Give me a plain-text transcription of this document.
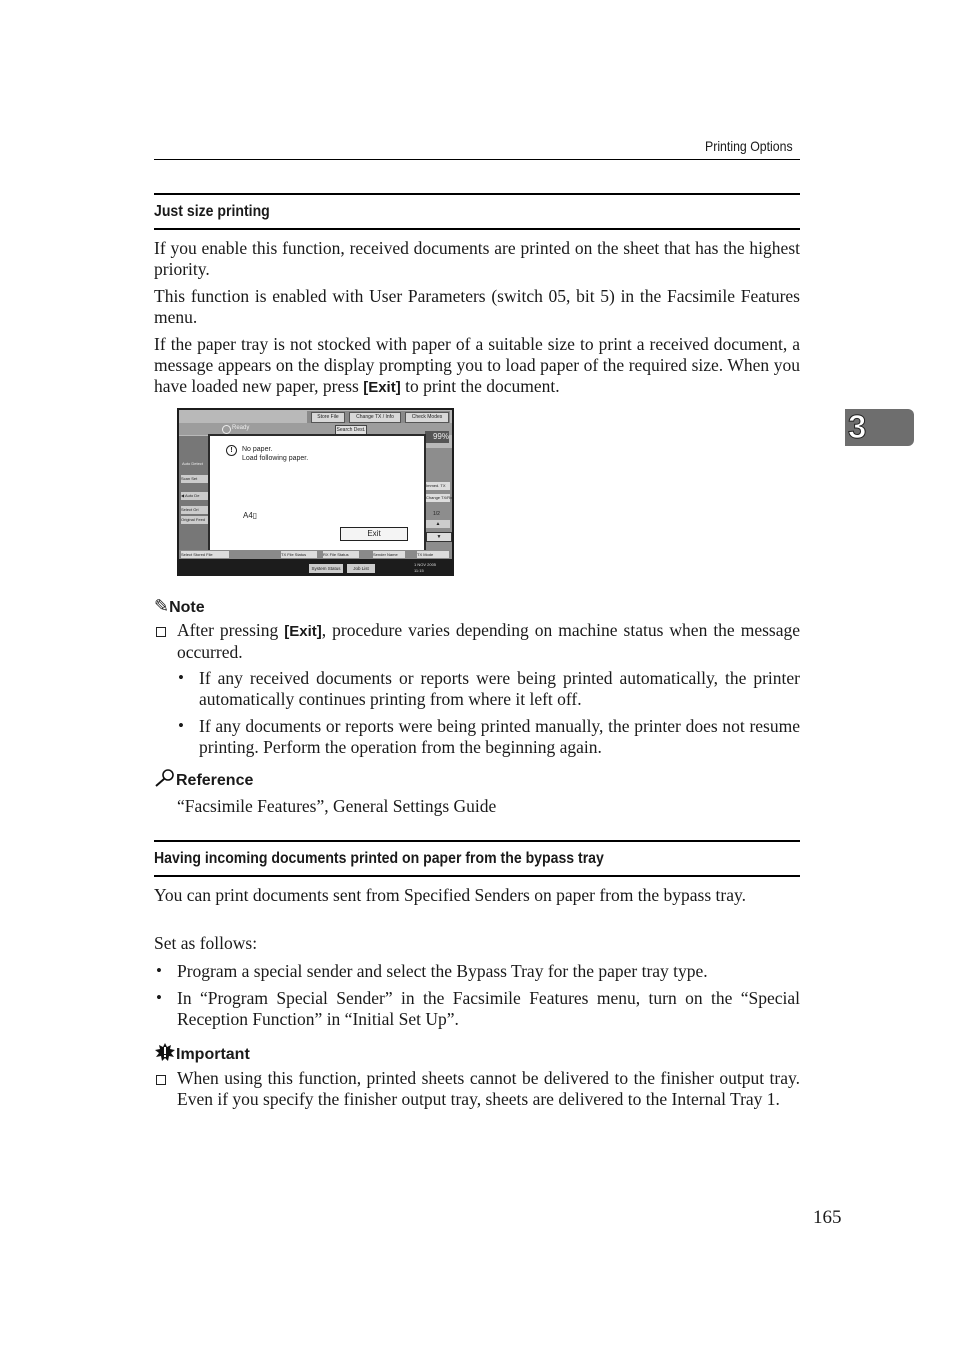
Printing Options
3
Just size printing
If you enable this function, received documents are printed on the sheet that has the highest priority.
This function is enabled with User Parameters (switch 05, bit 5) in the Facsimile Features menu.
If the paper tray is not stocked with paper of a suitable size to print a received document, a message appears on the display prompting you to load paper of the required size. When you have loaded new paper, press [Exit] to print the document.
Store File	Change TX / Info	Check Modes
Ready	Search Dest.
99%
Auto Detect
Scan Set
◀ Auto De
Select Ori
Original Feed
Immed. TX
Change TX/Rx
1/2
▲
▼
!	No paper.
Load following paper.
A4▯
Exit
Select Stored File	TX File Status	RX File Status	Sender Name	TX Mode
System Status	Job List
1 NOV 2005
11:15
✎Note
After pressing [Exit], procedure varies depending on machine status when the message occurred.
• If any received documents or reports were being printed automatically, the printer automatically continues printing from where it left off.
• If any documents or reports were being printed manually, the printer does not resume printing. Perform the operation from the beginning again.
Reference
“Facsimile Features”, General Settings Guide
Having incoming documents printed on paper from the bypass tray
You can print documents sent from Specified Senders on paper from the bypass tray.
Set as follows:
• Program a special sender and select the Bypass Tray for the paper tray type.
• In “Program Special Sender” in the Facsimile Features menu, turn on the “Special Reception Function” in “Initial Set Up”.
Important
When using this function, printed sheets cannot be delivered to the finisher output tray. Even if you specify the finisher output tray, sheets are delivered to the Internal Tray 1.
165
